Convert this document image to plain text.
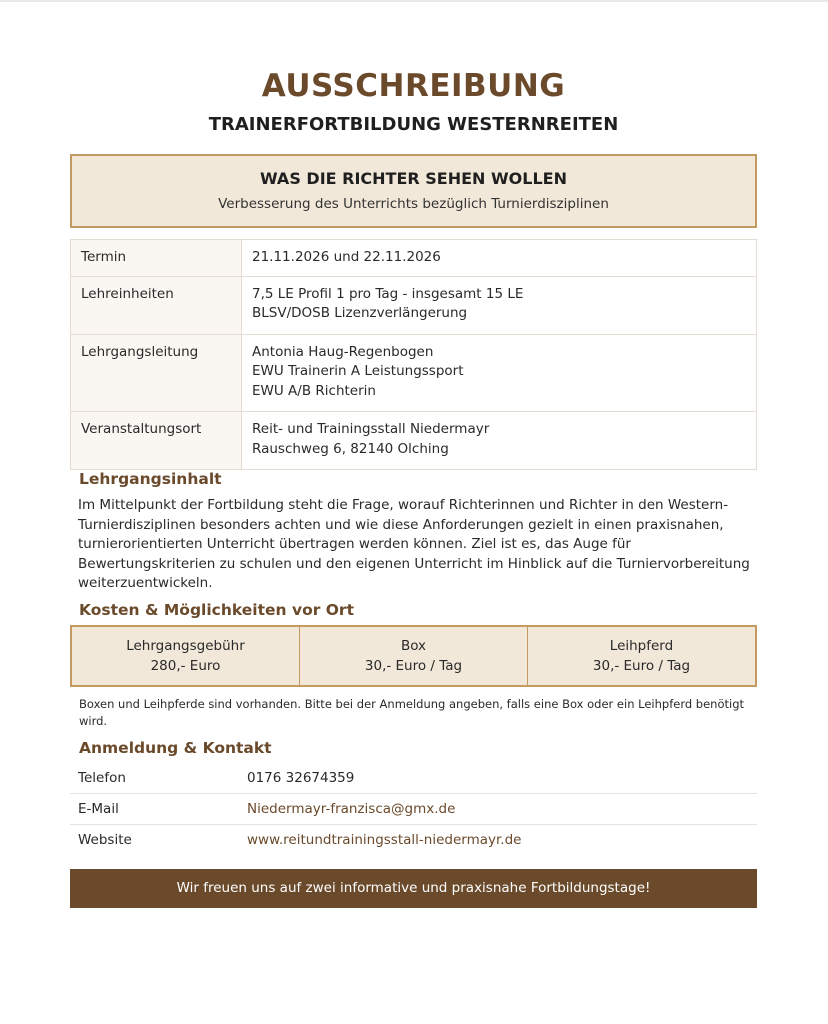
AUSSCHREIBUNG
TRAINERFORTBILDUNG WESTERNREITEN
WAS DIE RICHTER SEHEN WOLLEN
Verbesserung des Unterrichts bezüglich Turnierdisziplinen
Termin	21.11.2026 und 22.11.2026

Lehreinheiten	7,5 LE Profil 1 pro Tag - insgesamt 15 LE
BLSV/DOSB Lizenzverlängerung

Lehrgangsleitung	Antonia Haug-Regenbogen
EWU Trainerin A Leistungssport
EWU A/B Richterin

Veranstaltungsort	Reit- und Trainingsstall Niedermayr
Rauschweg 6, 82140 Olching
Lehrgangsinhalt
Im Mittelpunkt der Fortbildung steht die Frage, worauf Richterinnen und Richter in den Western-Turnierdisziplinen besonders achten und wie diese Anforderungen gezielt in einen praxisnahen, turnierorientierten Unterricht übertragen werden können. Ziel ist es, das Auge für Bewertungskriterien zu schulen und den eigenen Unterricht im Hinblick auf die Turniervorbereitung weiterzuentwickeln.
Kosten & Möglichkeiten vor Ort
Lehrgangsgebühr
280,- Euro
Box
30,- Euro / Tag
Leihpferd
30,- Euro / Tag
Boxen und Leihpferde sind vorhanden. Bitte bei der Anmeldung angeben, falls eine Box oder ein Leihpferd benötigt wird.
Anmeldung & Kontakt
Telefon	0176 32674359
E-Mail	Niedermayr-franzisca@gmx.de
Website	www.reitundtrainingsstall-niedermayr.de
Wir freuen uns auf zwei informative und praxisnahe Fortbildungstage!
